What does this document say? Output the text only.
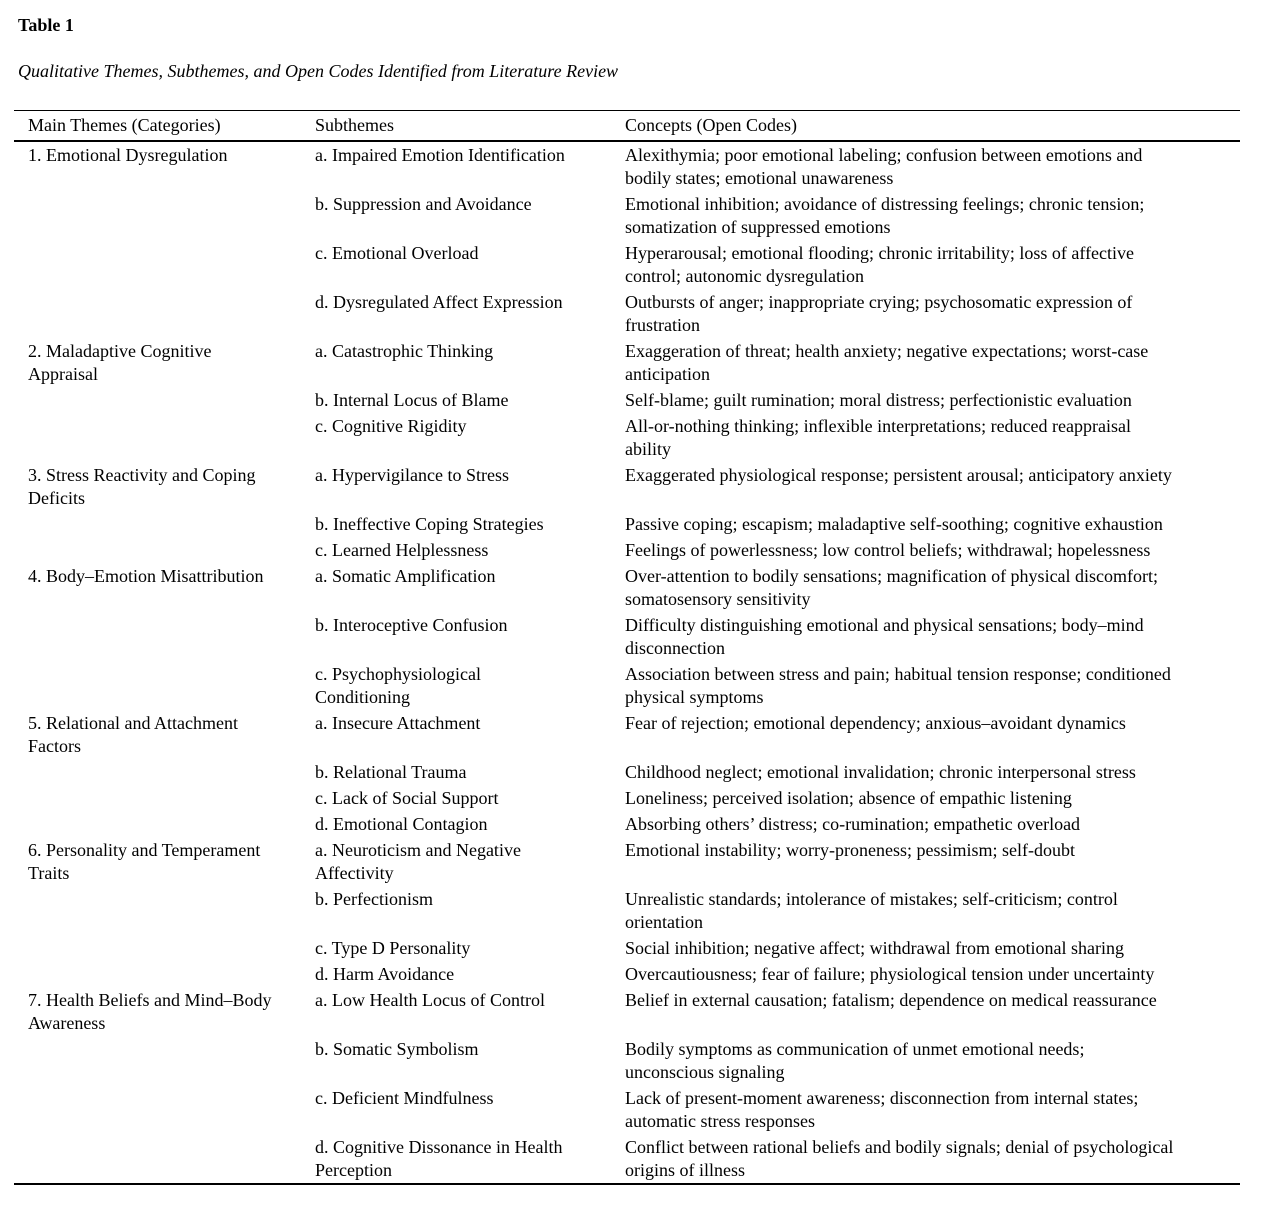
Table 1
Qualitative Themes, Subthemes, and Open Codes Identified from Literature Review
Main Themes (Categories)	Subthemes	Concepts (Open Codes)
1. Emotional Dysregulation	a. Impaired Emotion Identification	Alexithymia; poor emotional labeling; confusion between emotions and bodily states; emotional unawareness
	b. Suppression and Avoidance	Emotional inhibition; avoidance of distressing feelings; chronic tension; somatization of suppressed emotions
	c. Emotional Overload	Hyperarousal; emotional flooding; chronic irritability; loss of affective control; autonomic dysregulation
	d. Dysregulated Affect Expression	Outbursts of anger; inappropriate crying; psychosomatic expression of frustration
2. Maladaptive Cognitive Appraisal	a. Catastrophic Thinking	Exaggeration of threat; health anxiety; negative expectations; worst-case anticipation
	b. Internal Locus of Blame	Self-blame; guilt rumination; moral distress; perfectionistic evaluation
	c. Cognitive Rigidity	All-or-nothing thinking; inflexible interpretations; reduced reappraisal ability
3. Stress Reactivity and Coping Deficits	a. Hypervigilance to Stress	Exaggerated physiological response; persistent arousal; anticipatory anxiety
	b. Ineffective Coping Strategies	Passive coping; escapism; maladaptive self-soothing; cognitive exhaustion
	c. Learned Helplessness	Feelings of powerlessness; low control beliefs; withdrawal; hopelessness
4. Body–Emotion Misattribution	a. Somatic Amplification	Over-attention to bodily sensations; magnification of physical discomfort; somatosensory sensitivity
	b. Interoceptive Confusion	Difficulty distinguishing emotional and physical sensations; body–mind disconnection
	c. Psychophysiological Conditioning	Association between stress and pain; habitual tension response; conditioned physical symptoms
5. Relational and Attachment Factors	a. Insecure Attachment	Fear of rejection; emotional dependency; anxious–avoidant dynamics
	b. Relational Trauma	Childhood neglect; emotional invalidation; chronic interpersonal stress
	c. Lack of Social Support	Loneliness; perceived isolation; absence of empathic listening
	d. Emotional Contagion	Absorbing others’ distress; co-rumination; empathetic overload
6. Personality and Temperament Traits	a. Neuroticism and Negative Affectivity	Emotional instability; worry-proneness; pessimism; self-doubt
	b. Perfectionism	Unrealistic standards; intolerance of mistakes; self-criticism; control orientation
	c. Type D Personality	Social inhibition; negative affect; withdrawal from emotional sharing
	d. Harm Avoidance	Overcautiousness; fear of failure; physiological tension under uncertainty
7. Health Beliefs and Mind–Body Awareness	a. Low Health Locus of Control	Belief in external causation; fatalism; dependence on medical reassurance
	b. Somatic Symbolism	Bodily symptoms as communication of unmet emotional needs; unconscious signaling
	c. Deficient Mindfulness	Lack of present-moment awareness; disconnection from internal states; automatic stress responses
	d. Cognitive Dissonance in Health Perception	Conflict between rational beliefs and bodily signals; denial of psychological origins of illness
